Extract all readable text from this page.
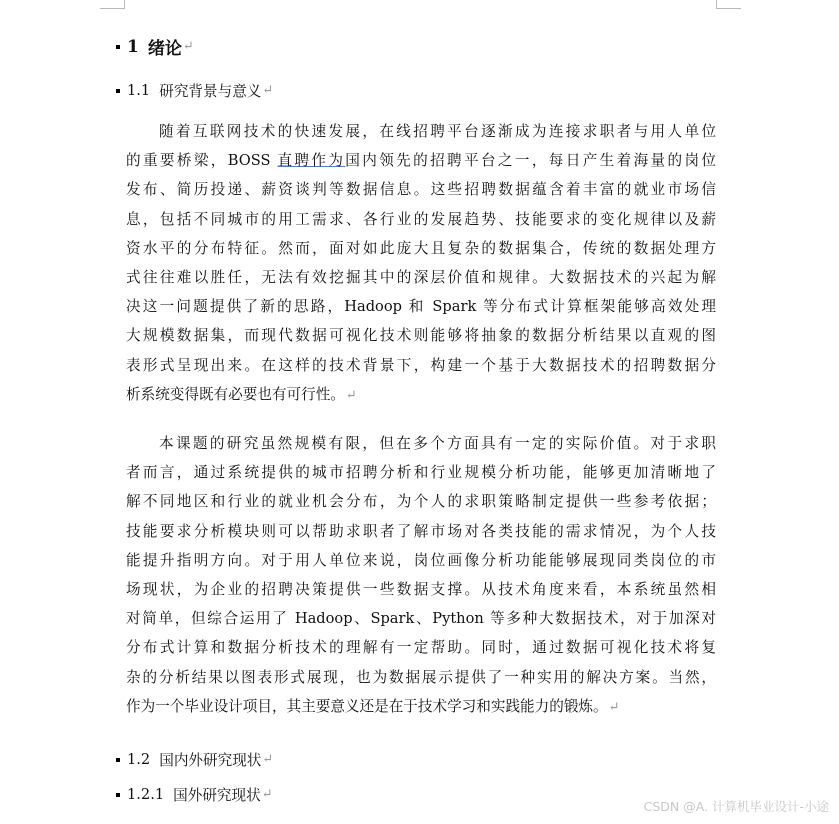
1 绪论 ↵
1.1 研究背景与意义 ↵
随着互联网技术的快速发展，在线招聘平台逐渐成为连接求职者与用人单位
的重要桥梁，BOSS 直聘作为国内领先的招聘平台之一，每日产生着海量的岗位
发布、简历投递、薪资谈判等数据信息。这些招聘数据蕴含着丰富的就业市场信
息，包括不同城市的用工需求、各行业的发展趋势、技能要求的变化规律以及薪
资水平的分布特征。然而，面对如此庞大且复杂的数据集合，传统的数据处理方
式往往难以胜任，无法有效挖掘其中的深层价值和规律。大数据技术的兴起为解
决这一问题提供了新的思路，Hadoop 和 Spark 等分布式计算框架能够高效处理
大规模数据集，而现代数据可视化技术则能够将抽象的数据分析结果以直观的图
表形式呈现出来。在这样的技术背景下，构建一个基于大数据技术的招聘数据分
析系统变得既有必要也有可行性。↵
本课题的研究虽然规模有限，但在多个方面具有一定的实际价值。对于求职
者而言，通过系统提供的城市招聘分析和行业规模分析功能，能够更加清晰地了
解不同地区和行业的就业机会分布，为个人的求职策略制定提供一些参考依据；
技能要求分析模块则可以帮助求职者了解市场对各类技能的需求情况，为个人技
能提升指明方向。对于用人单位来说，岗位画像分析功能能够展现同类岗位的市
场现状，为企业的招聘决策提供一些数据支撑。从技术角度来看，本系统虽然相
对简单，但综合运用了 Hadoop、Spark、Python 等多种大数据技术，对于加深对
分布式计算和数据分析技术的理解有一定帮助。同时，通过数据可视化技术将复
杂的分析结果以图表形式展现，也为数据展示提供了一种实用的解决方案。当然，
作为一个毕业设计项目，其主要意义还是在于技术学习和实践能力的锻炼。↵
1.2 国内外研究现状 ↵
1.2.1 国外研究现状 ↵
CSDN @A. 计算机毕业设计-小途
